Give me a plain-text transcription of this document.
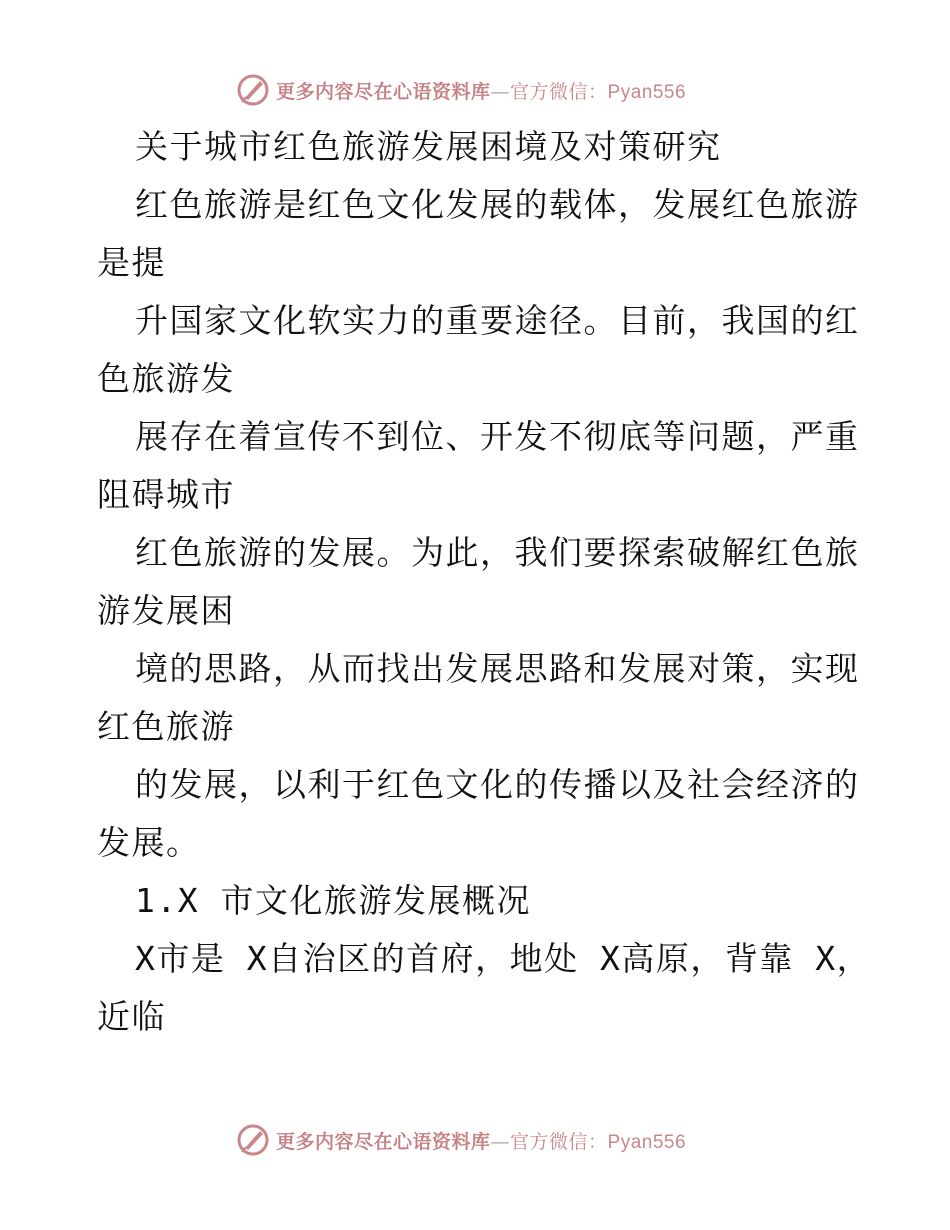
更多内容尽在心语资料库—官方微信：Pyan556
关于城市红色旅游发展困境及对策研究
红色旅游是红色文化发展的载体，发展红色旅游
是提
升国家文化软实力的重要途径。目前，我国的红
色旅游发
展存在着宣传不到位、开发不彻底等问题，严重
阻碍城市
红色旅游的发展。为此，我们要探索破解红色旅
游发展困
境的思路，从而找出发展思路和发展对策，实现
红色旅游
的发展，以利于红色文化的传播以及社会经济的
发展。
1.X 市文化旅游发展概况
X市是 X自治区的首府，地处 X高原，背靠 X，
近临
更多内容尽在心语资料库—官方微信：Pyan556
